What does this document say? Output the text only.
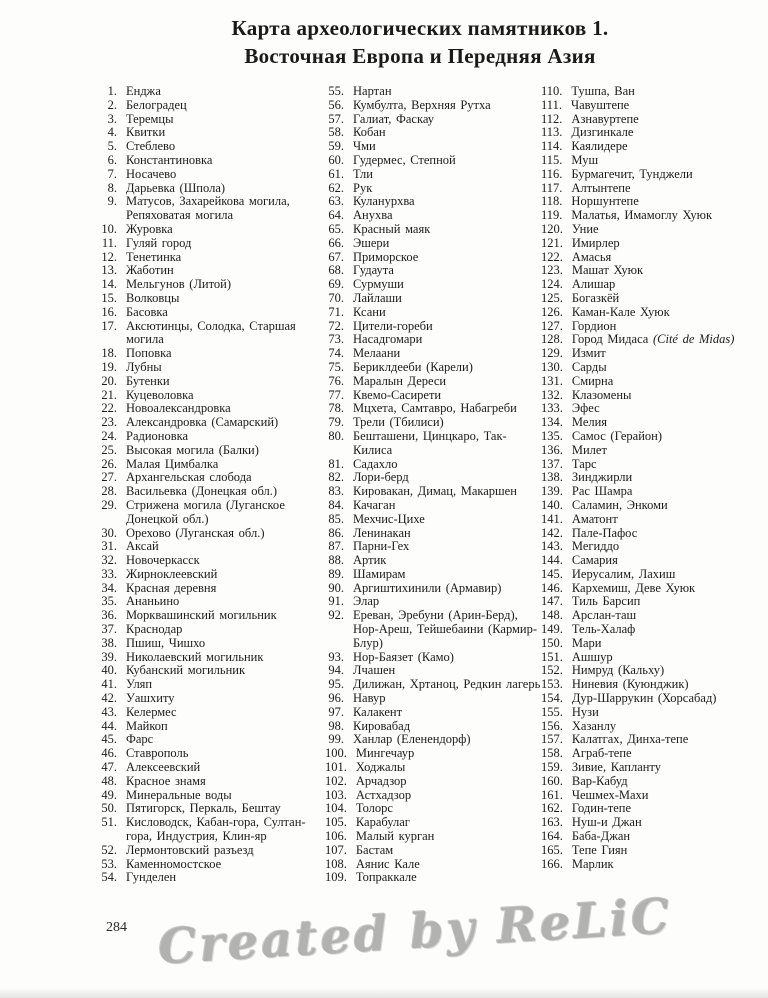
Карта археологических памятников 1.
Восточная Европа и Передняя Азия
1. Енджа
2. Белоградец
3. Теремцы
4. Квитки
5. Стеблево
6. Константиновка
7. Носачево
8. Дарьевка (Шпола)
9. Матусов, Захарейкова могила, Репяховатая могила
10. Журовка
11. Гуляй город
12. Тенетинка
13. Жаботин
14. Мельгунов (Литой)
15. Волковцы
16. Басовка
17. Аксютинцы, Солодка, Старшая могила
18. Поповка
19. Лубны
20. Бутенки
21. Куцеволовка
22. Новоалександровка
23. Александровка (Самарский)
24. Радионовка
25. Высокая могила (Балки)
26. Малая Цимбалка
27. Архангельская слобода
28. Васильевка (Донецкая обл.)
29. Стрижена могила (Луганское Донецкой обл.)
30. Орехово (Луганская обл.)
31. Аксай
32. Новочеркасск
33. Жирноклеевский
34. Красная деревня
35. Ананьино
36. Морквашинский могильник
37. Краснодар
38. Пшиш, Чишхо
39. Николаевский могильник
40. Кубанский могильник
41. Уляп
42. Уашхиту
43. Келермес
44. Майкоп
45. Фарс
46. Ставрополь
47. Алексеевский
48. Красное знамя
49. Минеральные воды
50. Пятигорск, Перкаль, Бештау
51. Кисловодск, Кабан-гора, Султан-гора, Индустрия, Клин-яр
52. Лермонтовский разъезд
53. Каменномостское
54. Гунделен
55. Нартан
56. Кумбулта, Верхняя Рутха
57. Галиат, Фаскау
58. Кобан
59. Чми
60. Гудермес, Степной
61. Тли
62. Рук
63. Куланурхва
64. Анухва
65. Красный маяк
66. Эшери
67. Приморское
68. Гудаута
69. Сурмуши
70. Лайлаши
71. Ксани
72. Цители-гореби
73. Насадгомари
74. Мелаани
75. Бериклдееби (Карели)
76. Маралын Дереси
77. Квемо-Сасирети
78. Мцхета, Самтавро, Набагреби
79. Трели (Тбилиси)
80. Бешташени, Цинцкаро, Так-Килиса
81. Садахло
82. Лори-берд
83. Кировакан, Димац, Макаршен
84. Качаган
85. Мехчис-Цихе
86. Ленинакан
87. Парни-Гех
88. Артик
89. Шамирам
90. Аргиштихинили (Армавир)
91. Элар
92. Ереван, Эребуни (Арин-Берд), Нор-Ареш, Тейшебаини (Кармир-Блур)
93. Нор-Баязет (Камо)
94. Лчашен
95. Дилижан, Хртаноц, Редкин лагерь
96. Навур
97. Калакент
98. Кировабад
99. Ханлар (Еленендорф)
100. Мингечаур
101. Ходжалы
102. Арчадзор
103. Астхадзор
104. Толорс
105. Карабулаг
106. Малый курган
107. Бастам
108. Аянис Кале
109. Топраккале
110. Тушпа, Ван
111. Чавуштепе
112. Азнавуртепе
113. Дизгинкале
114. Каялидере
115. Муш
116. Бурмагечит, Тунджели
117. Алтынтепе
118. Норшунтепе
119. Малатья, Имамоглу Хуюк
120. Уние
121. Имирлер
122. Амасья
123. Машат Хуюк
124. Алишар
125. Богазкёй
126. Каман-Кале Хуюк
127. Гордион
128. Город Мидаса (Cité de Midas)
129. Измит
130. Сарды
131. Смирна
132. Клазомены
133. Эфес
134. Мелия
135. Самос (Герайон)
136. Милет
137. Тарс
138. Зинджирли
139. Рас Шамра
140. Саламин, Энкоми
141. Аматонт
142. Пале-Пафос
143. Мегиддо
144. Самария
145. Иерусалим, Лахиш
146. Кархемиш, Деве Хуюк
147. Тиль Барсип
148. Арслан-таш
149. Тель-Халаф
150. Мари
151. Ашшур
152. Нимруд (Кальху)
153. Ниневия (Куюнджик)
154. Дур-Шаррукин (Хорсабад)
155. Нузи
156. Хазанлу
157. Калатгах, Динха-тепе
158. Аграб-тепе
159. Зивие, Капланту
160. Вар-Кабуд
161. Чешмех-Махи
162. Годин-тепе
163. Нуш-и Джан
164. Баба-Джан
165. Тепе Гиян
166. Марлик
284 Created by ReLiC
